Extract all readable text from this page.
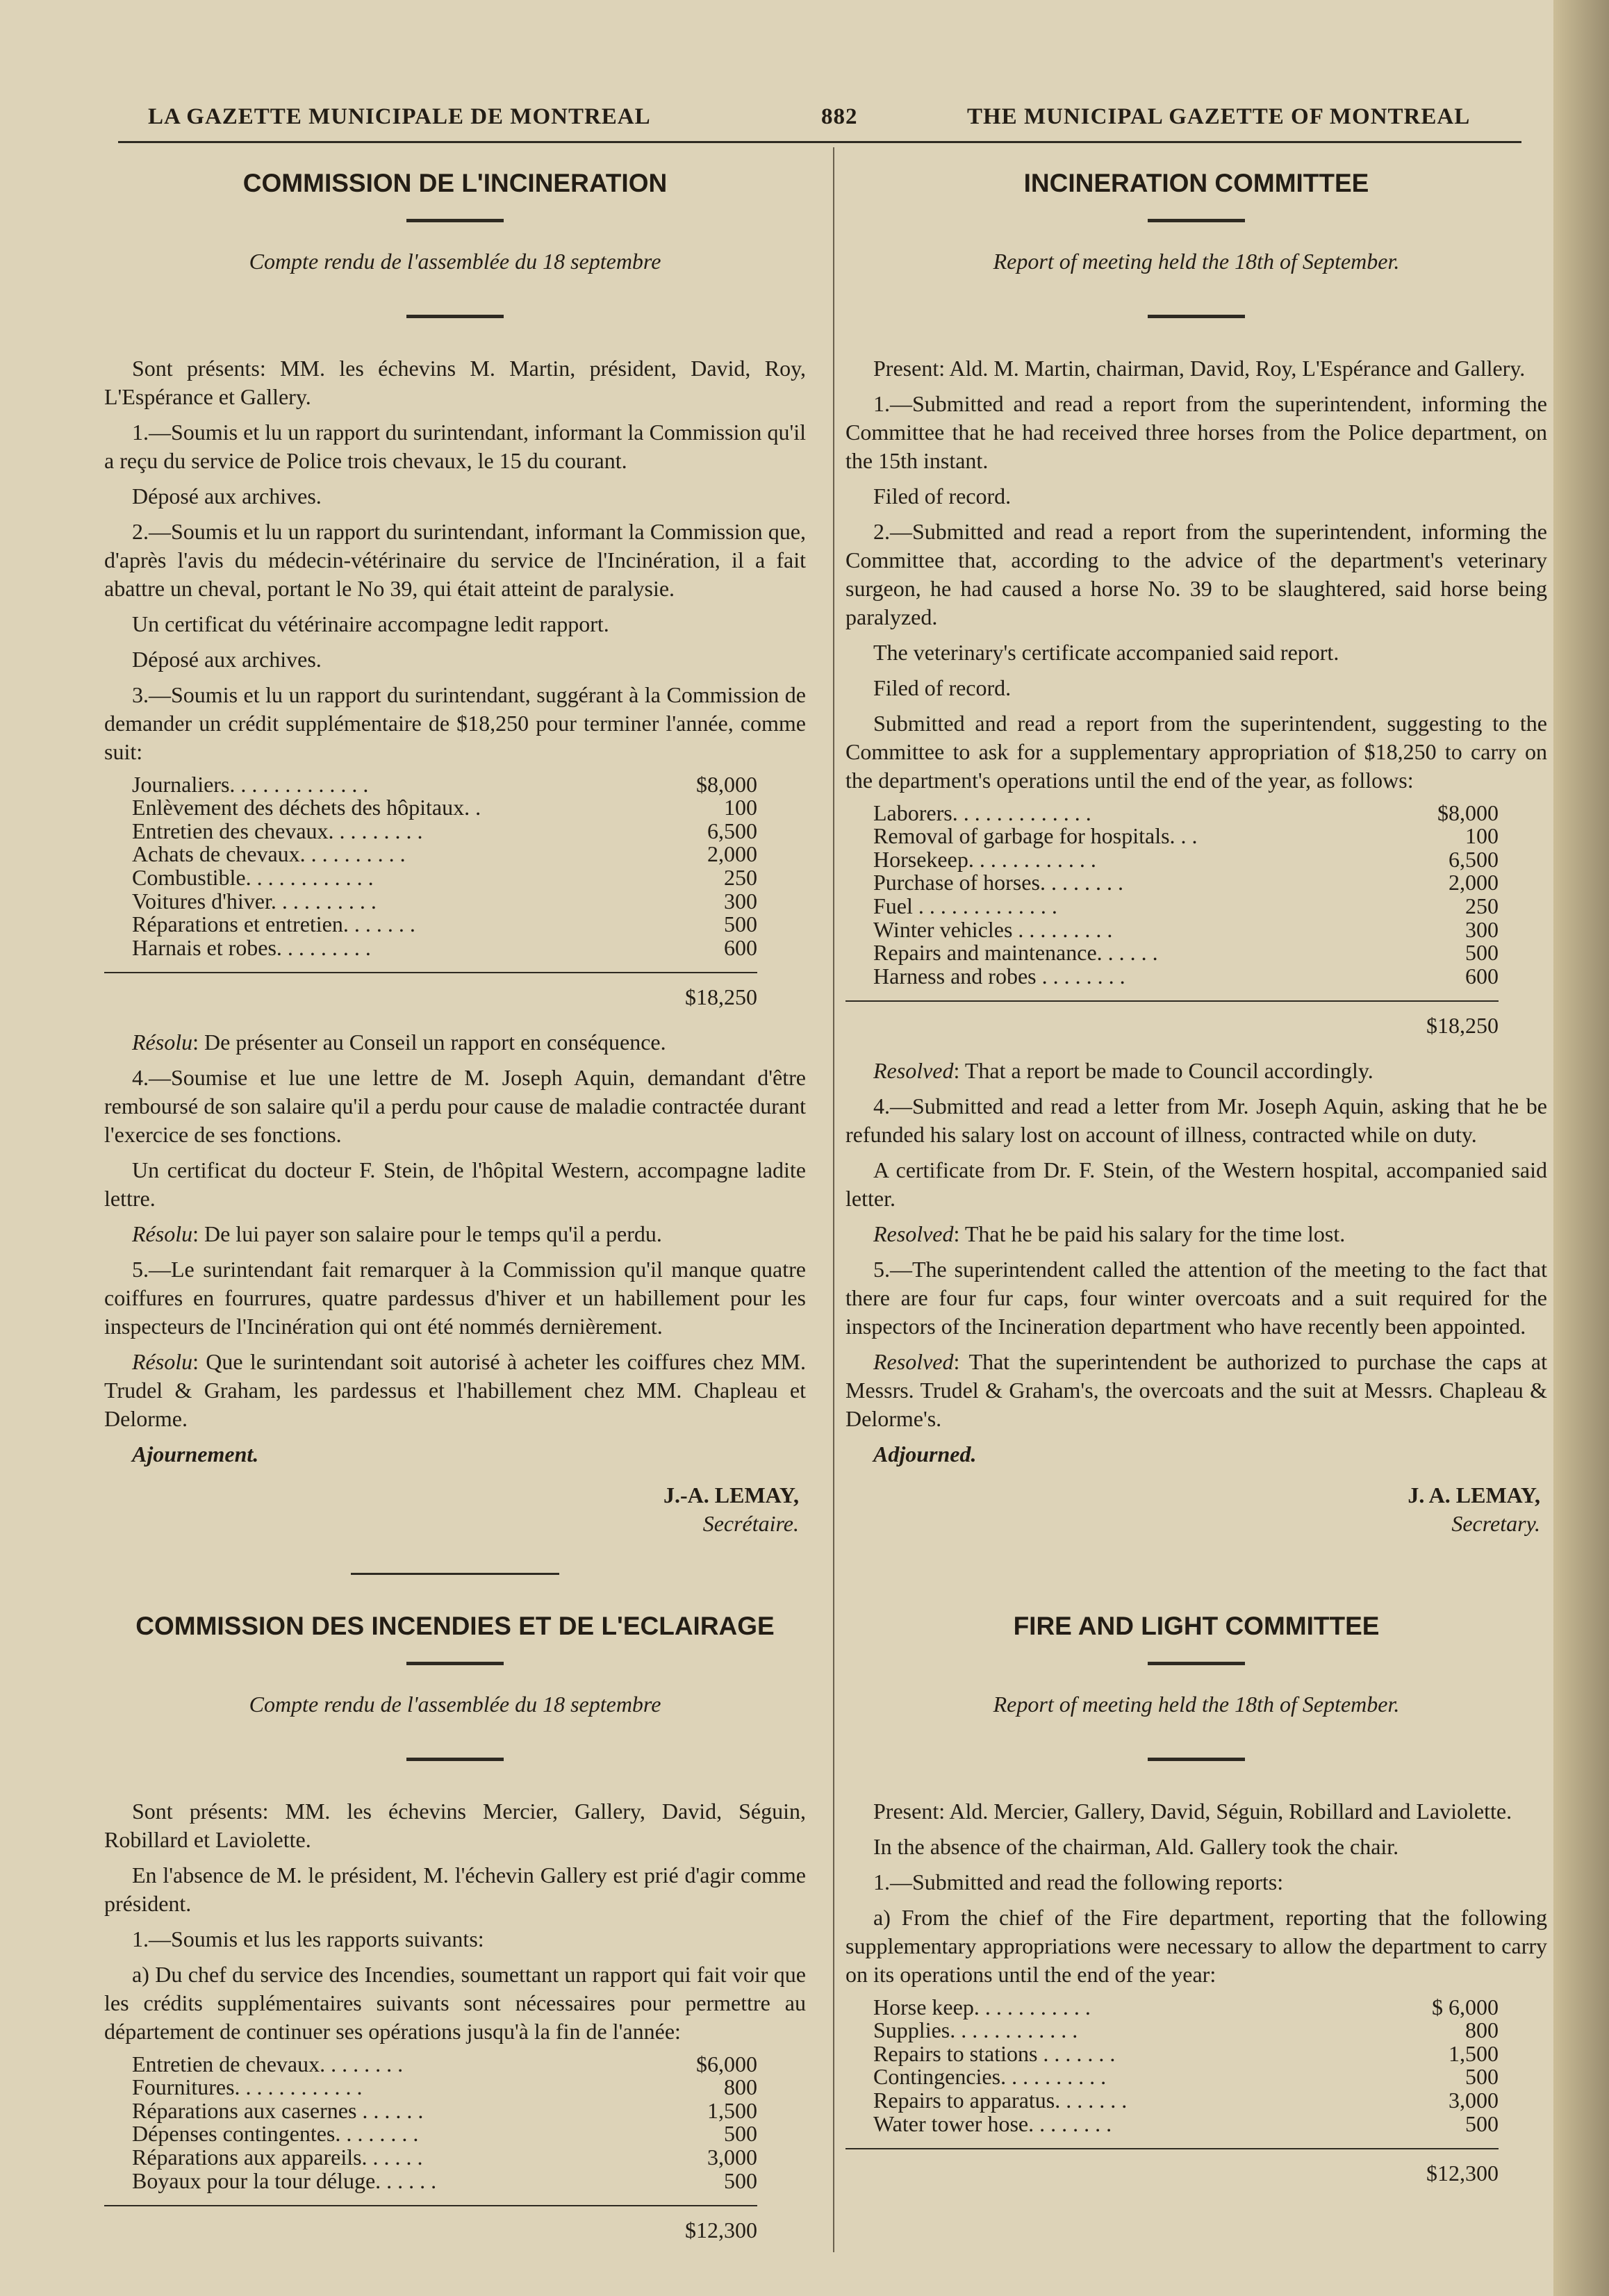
LA GAZETTE MUNICIPALE DE MONTREAL	882	THE MUNICIPAL GAZETTE OF MONTREAL
COMMISSION DE L'INCINERATION
Compte rendu de l'assemblée du 18 septembre

Sont présents: MM. les échevins M. Martin, président, David, Roy, L'Espérance et Gallery.

1.—Soumis et lu un rapport du surintendant, informant la Commission qu'il a reçu du service de Police trois chevaux, le 15 du courant.

Déposé aux archives.

2.—Soumis et lu un rapport du surintendant, informant la Commission que, d'après l'avis du médecin-vétérinaire du service de l'Incinération, il a fait abattre un cheval, portant le No 39, qui était atteint de paralysie.

Un certificat du vétérinaire accompagne ledit rapport.

Déposé aux archives.

3.—Soumis et lu un rapport du surintendant, suggérant à la Commission de demander un crédit supplémentaire de $18,250 pour terminer l'année, comme suit:

Journaliers. . . . . . . . . . . . .	$8,000
Enlèvement des déchets des hôpitaux. .	100
Entretien des chevaux. . . . . . . . .	6,500
Achats de chevaux. . . . . . . . . .	2,000
Combustible. . . . . . . . . . . .	250
Voitures d'hiver. . . . . . . . . .	300
Réparations et entretien. . . . . . .	500
Harnais et robes. . . . . . . . .	600
$18,250

Résolu: De présenter au Conseil un rapport en conséquence.

4.—Soumise et lue une lettre de M. Joseph Aquin, demandant d'être remboursé de son salaire qu'il a perdu pour cause de maladie contractée durant l'exercice de ses fonctions.

Un certificat du docteur F. Stein, de l'hôpital Western, accompagne ladite lettre.

Résolu: De lui payer son salaire pour le temps qu'il a perdu.

5.—Le surintendant fait remarquer à la Commission qu'il manque quatre coiffures en fourrures, quatre pardessus d'hiver et un habillement pour les inspecteurs de l'Incinération qui ont été nommés dernièrement.

Résolu: Que le surintendant soit autorisé à acheter les coiffures chez MM. Trudel & Graham, les pardessus et l'habillement chez MM. Chapleau et Delorme.

Ajournement.

J.-A. LEMAY,
Secrétaire.
COMMISSION DES INCENDIES ET DE L'ECLAIRAGE
Compte rendu de l'assemblée du 18 septembre

Sont présents: MM. les échevins Mercier, Gallery, David, Séguin, Robillard et Laviolette.

En l'absence de M. le président, M. l'échevin Gallery est prié d'agir comme président.

1.—Soumis et lus les rapports suivants:

a) Du chef du service des Incendies, soumettant un rapport qui fait voir que les crédits supplémentaires suivants sont nécessaires pour permettre au département de continuer ses opérations jusqu'à la fin de l'année:

Entretien de chevaux. . . . . . . .	$6,000
Fournitures. . . . . . . . . . . .	800
Réparations aux casernes . . . . . .	1,500
Dépenses contingentes. . . . . . . .	500
Réparations aux appareils. . . . . .	3,000
Boyaux pour la tour déluge. . . . . .	500
$12,300
INCINERATION COMMITTEE
Report of meeting held the 18th of September.

Present: Ald. M. Martin, chairman, David, Roy, L'Espérance and Gallery.

1.—Submitted and read a report from the superintendent, informing the Committee that he had received three horses from the Police department, on the 15th instant.

Filed of record.

2.—Submitted and read a report from the superintendent, informing the Committee that, according to the advice of the department's veterinary surgeon, he had caused a horse No. 39 to be slaughtered, said horse being paralyzed.

The veterinary's certificate accompanied said report.

Filed of record.

Submitted and read a report from the superintendent, suggesting to the Committee to ask for a supplementary appropriation of $18,250 to carry on the department's operations until the end of the year, as follows:

Laborers. . . . . . . . . . . . .	$8,000
Removal of garbage for hospitals. . .	100
Horsekeep. . . . . . . . . . . .	6,500
Purchase of horses. . . . . . . .	2,000
Fuel . . . . . . . . . . . . .	250
Winter vehicles . . . . . . . . .	300
Repairs and maintenance. . . . . .	500
Harness and robes . . . . . . . .	600
$18,250

Resolved: That a report be made to Council accordingly.

4.—Submitted and read a letter from Mr. Joseph Aquin, asking that he be refunded his salary lost on account of illness, contracted while on duty.

A certificate from Dr. F. Stein, of the Western hospital, accompanied said letter.

Resolved: That he be paid his salary for the time lost.

5.—The superintendent called the attention of the meeting to the fact that there are four fur caps, four winter overcoats and a suit required for the inspectors of the Incineration department who have recently been appointed.

Resolved: That the superintendent be authorized to purchase the caps at Messrs. Trudel & Graham's, the overcoats and the suit at Messrs. Chapleau & Delorme's.

Adjourned.

J. A. LEMAY,
Secretary.
FIRE AND LIGHT COMMITTEE
Report of meeting held the 18th of September.

Present: Ald. Mercier, Gallery, David, Séguin, Robillard and Laviolette.

In the absence of the chairman, Ald. Gallery took the chair.

1.—Submitted and read the following reports:

a) From the chief of the Fire department, reporting that the following supplementary appropriations were necessary to allow the department to carry on its operations until the end of the year:

Horse keep. . . . . . . . . . .	$ 6,000
Supplies. . . . . . . . . . . .	800
Repairs to stations . . . . . . .	1,500
Contingencies. . . . . . . . . .	500
Repairs to apparatus. . . . . . .	3,000
Water tower hose. . . . . . . .	500
$12,300
